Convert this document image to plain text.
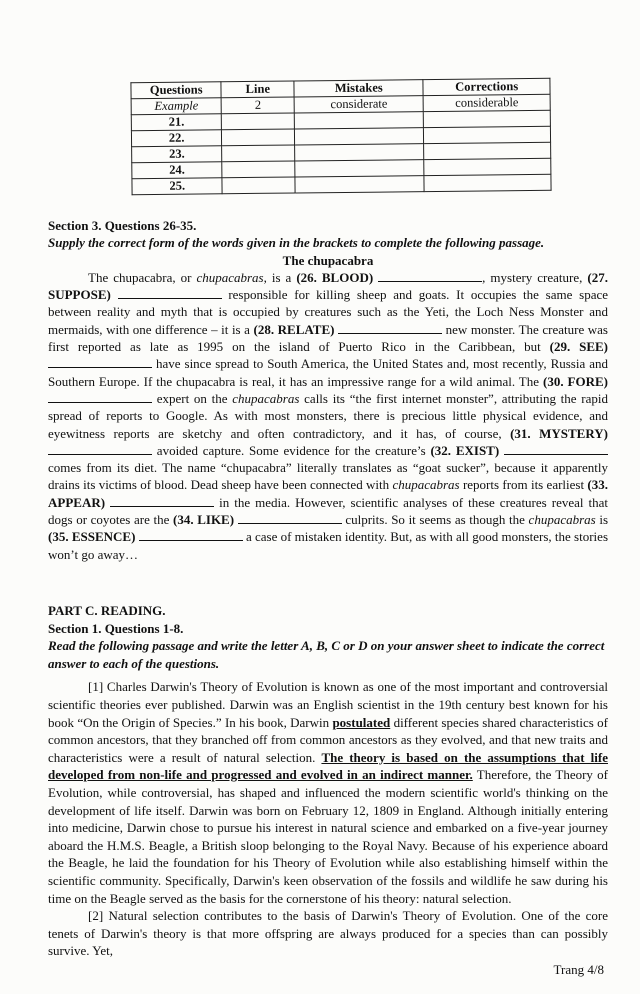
Questions	Line	Mistakes	Corrections
Example	2	considerate	considerable
21.			
22.			
23.			
24.			
25.			
Section 3. Questions 26-35.
Supply the correct form of the words given in the brackets to complete the following passage.
The chupacabra
The chupacabra, or chupacabras, is a (26. BLOOD)	, mystery creature, (27. SUPPOSE)	responsible for killing sheep and goats. It occupies the same space between reality and myth that is occupied by creatures such as the Yeti, the Loch Ness Monster and mermaids, with one difference – it is a (28. RELATE)	new monster. The creature was first reported as late as 1995 on the island of Puerto Rico in the Caribbean, but (29. SEE)  have since spread to South America, the United States and, most recently, Russia and Southern Europe. If the chupacabra is real, it has an impressive range for a wild animal. The (30. FORE)  expert on the chupacabras calls its “the first internet monster”, attributing the rapid spread of reports to Google. As with most monsters, there is precious little physical evidence, and eyewitness reports are sketchy and often contradictory, and it has, of course, (31. MYSTERY)  avoided capture. Some evidence for the creature’s (32. EXIST)  comes from its diet. The name “chupacabra” literally translates as “goat sucker”, because it apparently drains its victims of blood. Dead sheep have been connected with chupacabras reports from its earliest (33. APPEAR)	in the media. However, scientific analyses of these creatures reveal that dogs or coyotes are the (34. LIKE)	culprits. So it seems as though the chupacabras is (35. ESSENCE)	a case of mistaken identity. But, as with all good monsters, the stories won’t go away…
PART C. READING.
Section 1. Questions 1-8.
Read the following passage and write the letter A, B, C or D on your answer sheet to indicate the correct answer to each of the questions.
[1] Charles Darwin's Theory of Evolution is known as one of the most important and controversial scientific theories ever published. Darwin was an English scientist in the 19th century best known for his book “On the Origin of Species.” In his book, Darwin postulated different species shared characteristics of common ancestors, that they branched off from common ancestors as they evolved, and that new traits and characteristics were a result of natural selection. The theory is based on the assumptions that life developed from non-life and progressed and evolved in an indirect manner. Therefore, the Theory of Evolution, while controversial, has shaped and influenced the modern scientific world's thinking on the development of life itself. Darwin was born on February 12, 1809 in England. Although initially entering into medicine, Darwin chose to pursue his interest in natural science and embarked on a five-year journey aboard the H.M.S. Beagle, a British sloop belonging to the Royal Navy. Because of his experience aboard the Beagle, he laid the foundation for his Theory of Evolution while also establishing himself within the scientific community. Specifically, Darwin's keen observation of the fossils and wildlife he saw during his time on the Beagle served as the basis for the cornerstone of his theory: natural selection.
[2] Natural selection contributes to the basis of Darwin's Theory of Evolution. One of the core tenets of Darwin's theory is that more offspring are always produced for a species than can possibly survive. Yet,
Trang 4/8
